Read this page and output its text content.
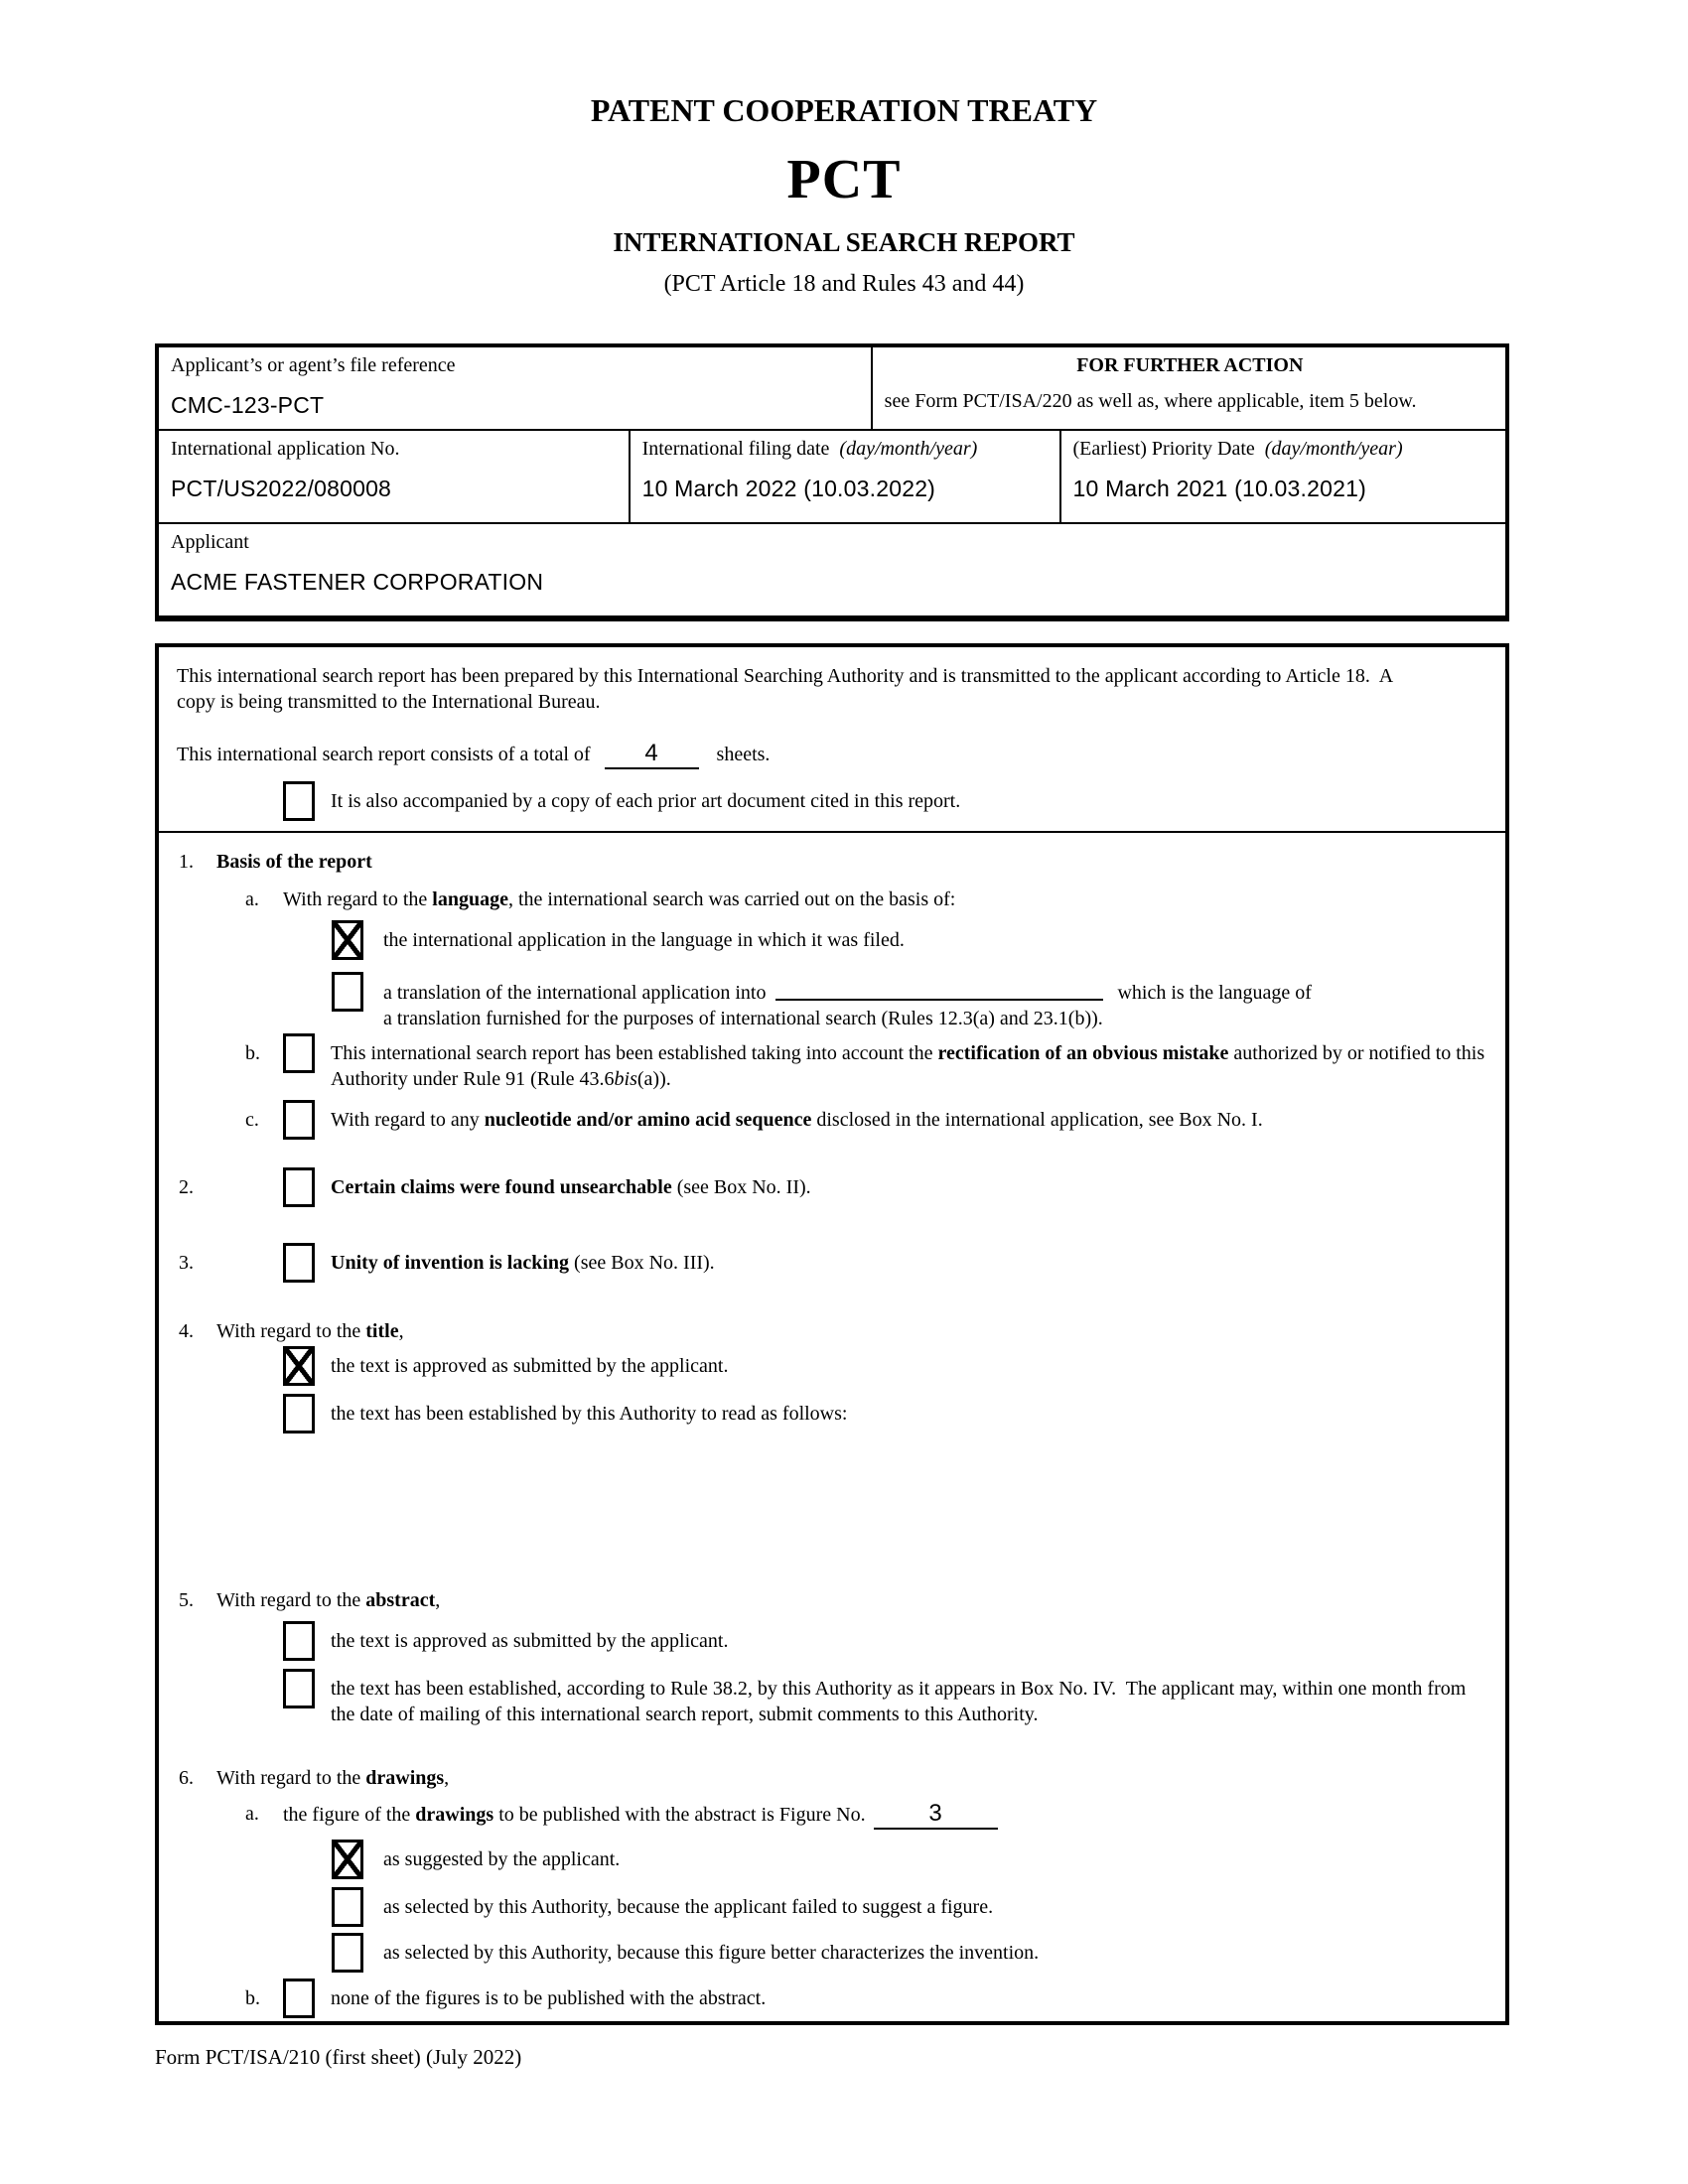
PATENT COOPERATION TREATY
PCT
INTERNATIONAL SEARCH REPORT
(PCT Article 18 and Rules 43 and 44)
Applicant’s or agent’s file reference
CMC-123-PCT
FOR FURTHER ACTION
see Form PCT/ISA/220 as well as, where applicable, item 5 below.
International application No.
PCT/US2022/080008
International filing date  (day/month/year)
10 March 2022 (10.03.2022)
(Earliest) Priority Date  (day/month/year)
10 March 2021 (10.03.2021)
Applicant
ACME FASTENER CORPORATION

This international search report has been prepared by this International Searching Authority and is transmitted to the applicant according to Article 18.  A copy is being transmitted to the International Bureau.

This international search report consists of a total of 4	sheets.
It is also accompanied by a copy of each prior art document cited in this report.
1.	Basis of the report
a.	With regard to the language, the international search was carried out on the basis of:
the international application in the language in which it was filed.
a translation of the international application into	which is the language of
a translation furnished for the purposes of international search (Rules 12.3(a) and 23.1(b)).
b.	This international search report has been established taking into account the rectification of an obvious mistake authorized by or notified to this Authority under Rule 91 (Rule 43.6bis(a)).
c.	With regard to any nucleotide and/or amino acid sequence disclosed in the international application, see Box No. I.
2.	Certain claims were found unsearchable (see Box No. II).
3.	Unity of invention is lacking (see Box No. III).
4.	With regard to the title,
the text is approved as submitted by the applicant.
the text has been established by this Authority to read as follows:
5.	With regard to the abstract,
the text is approved as submitted by the applicant.
the text has been established, according to Rule 38.2, by this Authority as it appears in Box No. IV.  The applicant may, within one month from the date of mailing of this international search report, submit comments to this Authority.
6.	With regard to the drawings,
a.	the figure of the drawings to be published with the abstract is Figure No.	3
as suggested by the applicant.
as selected by this Authority, because the applicant failed to suggest a figure.
as selected by this Authority, because this figure better characterizes the invention.
b.	none of the figures is to be published with the abstract.
Form PCT/ISA/210 (first sheet) (July 2022)
